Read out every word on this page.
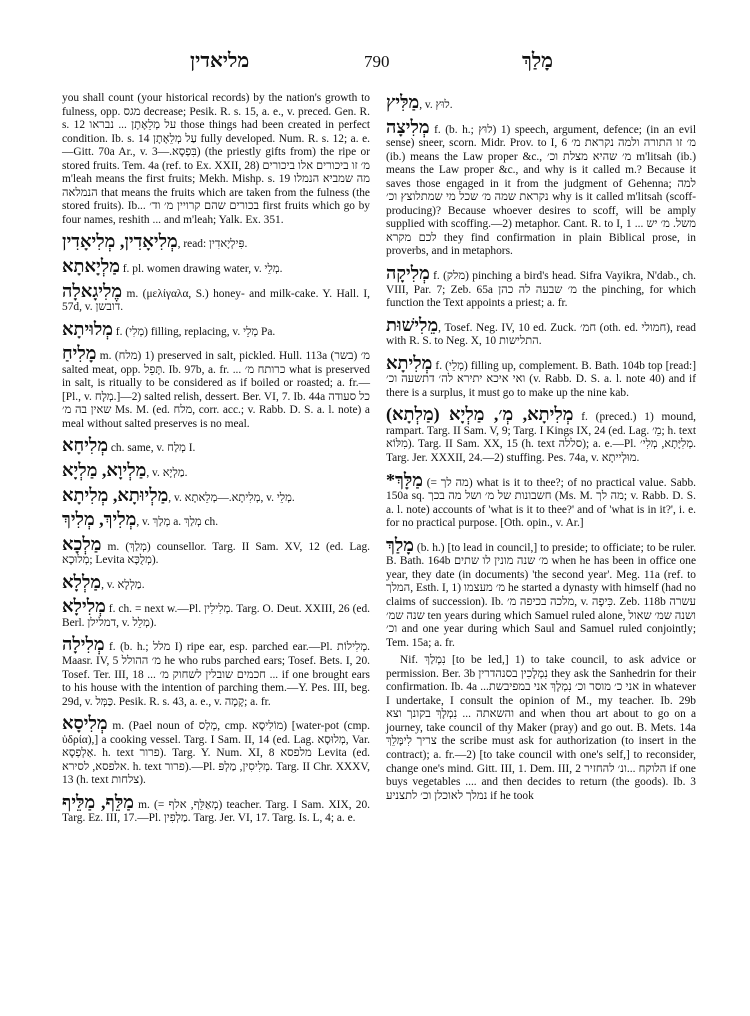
מליאדין	790	מָלַךְ

you shall count (your historical records) by the nation's growth to fulness, opp. מגס decrease; Pesik. R. s. 15, a. e., v. preced. Gen. R. s. 12 על מְלֵאָתָן ... נבראו those things had been created in perfect condition. Ib. s. 14 עַל מְלֵאָתָן fully developed. Num. R. s. 12; a. e.—Gitt. 70a Ar., v. בִּפְסָא.—3) (the priestly gifts from) the ripe or stored fruits. Tem. 4a (ref. to Ex. XXII, 28) מ׳ זו ביכורים אלו ביכורים m'leah means the first fruits; Mekh. Mishp. s. 19 מה שמביא הנמלו הנמלאה that means the fruits which are taken from the fulness (the stored fruits). Ib... בכורים שהם קרויין מ׳ וד׳ first fruits which go by four names, reshith ... and m'leah; Yalk. Ex. 351.

מְלִיאָדִין, מְלִיאָדִין, read: פִּילְיָאדִין.

מַלְיָאתָא f. pl. women drawing water, v. מְלֵי.

מֶלִיגָאלָה m. (μελίγαλα, S.) honey- and milk-cake. Y. Hall. I, 57d, v. דובשן.

מְלוּיתָא f. (מְלִי) filling, replacing, v. מְלֵי Pa.

מָלִיחַ m. (מלח) 1) preserved in salt, pickled. Hull. 113a מ׳ (בשר) salted meat, opp. תָּפֵל. Ib. 97b, a. fr. ... כרותח מ׳ what is preserved in salt, is ritually to be considered as if boiled or roasted; a. fr.—[Pl., v. מְלָח.]—2) salted relish, dessert. Ber. VI, 7. Ib. 44a כל סעודה שאין בה מ׳ Ms. M. (ed. מלח, corr. acc.; v. Rabb. D. S. a. l. note) a meal without salted preserves is no meal.

מְלִיחָא ch. same, v. מְלַח I.

מַלְיוָא, מַלְיָא, v. מַלְיָא.

מַלְיוּתָא, מְלִיתָא, v. מְלִיתָא.—מְלֵאתָא, v. מְלֵי.

מְלִיךְ, מְלִיךְ, v. מְלַךְ a. מְלַךְ ch.

מַלְכָא m. (מְלַךְ) counsellor. Targ. II Sam. XV, 12 (ed. Lag. מְלוּכָא; Levita מְלֻכָּא).

מַלְלָא, v. מַלְלָא.

מְלִילָא f. ch. = next w.—Pl. מְלִילִין. Targ. O. Deut. XXIII, 26 (ed. Berl. דמלילן, v. מְלֵל).

מְלִילָה f. (b. h.; מלל I) ripe ear, esp. parched ear.—Pl. מְלִילוֹת. Maasr. IV, 5 מ׳ ההולל he who rubs parched ears; Tosef. Bets. I, 20. Tosef. Ter. III, 18 ... חכמים שובלין לשחוק מ׳ ... if one brought ears to his house with the intention of parching them.—Y. Pes. III, beg. 29d, v. כַּמְּל. Pesik. R. s. 43, a. e., v. קָמָה; a. fr.

מְלִיסָא m. (Pael noun of מְלַס, cmp. מוֹלִיסָא) [water-pot (cmp. ὑδρία),] a cooking vessel. Targ. I Sam. II, 14 (ed. Lag. מְלוּסָא, Var. אַלְפְסָא. h. text פרור). Targ. Y. Num. XI, 8 מלפסא Levita (ed. אלפסא, לסירא. h. text פרור).—Pl. מְלִיסִין, מַלְפּ. Targ. II Chr. XXXV, 13 (h. text צלחות).

מַלֵּף, מַלֵּיף m. (= מְאַלֵּף, אלף) teacher. Targ. I Sam. XIX, 20. Targ. Ez. III, 17.—Pl. מַלְפִין. Targ. Jer. VI, 17. Targ. Is. L, 4; a. e.

מַלִּיץ, v. לוּץ.

מְלִיצָה f. (b. h.; לוּץ) 1) speech, argument, defence; (in an evil sense) sneer, scorn. Midr. Prov. to I, 6 מ׳ זו התורה ולמה נקראת מ׳ (ib.) means the Law proper &c., מ׳ שהיא מצלת וכ׳ m'litsah (ib.) means the Law proper &c., and why is it called m.? Because it saves those engaged in it from the judgment of Gehenna; למה נקראת שמה מ׳ שכל מי שמתלוצץ וכ׳ why is it called m'litsah (scoff-producing)? Because whoever desires to scoff, will be amply supplied with scoffing.—2) metaphor. Cant. R. to I, 1 ... משל. מ׳ יש לכם מקרא they find confirmation in plain Biblical prose, in proverbs, and in metaphors.

מְלִיקָה f. (מלק) pinching a bird's head. Sifra Vayikra, N'dab., ch. VIII, Par. 7; Zeb. 65a מ׳ שבעה לה כהן the pinching, for which function the Text appoints a priest; a. fr.

מֵלִישׁוּת, Tosef. Neg. IV, 10 ed. Zuck. חמ׳ (oth. ed. חמולי), read with R. S. to Neg. X, 10 התלישות.

מְלִיתָא f. (מְלֵי) filling up, complement. B. Bath. 104b top [read:] ואי איכא יתירא לה׳ דתשעה וכ׳ (v. Rabb. D. S. a. l. note 40) and if there is a surplus, it must go to make up the nine kab.

מְלִיתָא, מְ׳, מַלְיָא (מַלְתָא) f. (preced.) 1) mound, rampart. Targ. II Sam. V, 9; Targ. I Kings IX, 24 (ed. Lag. מֵ׳; h. text מִלּוֹא). Targ. II Sam. XX, 15 (h. text סללה); a. e.—Pl. מְלִיָּתָא, מְלִי׳. Targ. Jer. XXXII, 24.—2) stuffing. Pes. 74a, v. מוּלְייתָא.

*מַלָּךְ (= מה לך) what is it to thee?; of no practical value. Sabb. 150a sq. חשבונות של מ׳ ושל מה בכך (Ms. M. מה לך; v. Rabb. D. S. a. l. note) accounts of 'what is it to thee?' and of 'what is in it?', i. e. for no practical purpose. [Oth. opin., v. Ar.]

מָלַךְ (b. h.) [to lead in council,] to preside; to officiate; to be ruler. B. Bath. 164b מ׳ שנה מונין לו שתים when he has been in office one year, they date (in documents) 'the second year'. Meg. 11a (ref. to המלך, Esth. I, 1) מ׳ מעצמו he started a dynasty with himself (had no claims of succession). Ib. מלכה בכיפה מ׳, v. כִּיפָה. Zeb. 118b עשרה שנה שמ׳ ten years during which Samuel ruled alone, ושנה שמ׳ שאול וכ׳ and one year during which Saul and Samuel ruled conjointly; Tem. 15a; a. fr.

Nif. נִמְלַךְ [to be led,] 1) to take council, to ask advice or permission. Ber. 3b נִמְלָכִין בסנהדרין they ask the Sanhedrin for their confirmation. Ib. 4a ...אני כ׳ מוסר וכ׳ נִמְלָךְ אני במפיבשת in whatever I undertake, I consult the opinion of M., my teacher. Ib. 29b והשאתה ... נִמְלָךְ בקונך וצא and when thou art about to go on a journey, take council of thy Maker (pray) and go out. B. Mets. 14a צריך לִימָּלֵךְ the scribe must ask for authorization (to insert in the contract); a. fr.—2) [to take council with one's self,] to reconsider, change one's mind. Gitt. III, 1. Dem. III, 2 הלוקח ...ונ׳ להחזיר if one buys vegetables .... and then decides to return (the goods). Ib. 3 נמלך לאוכלן וכ׳ לתצניע if he took
